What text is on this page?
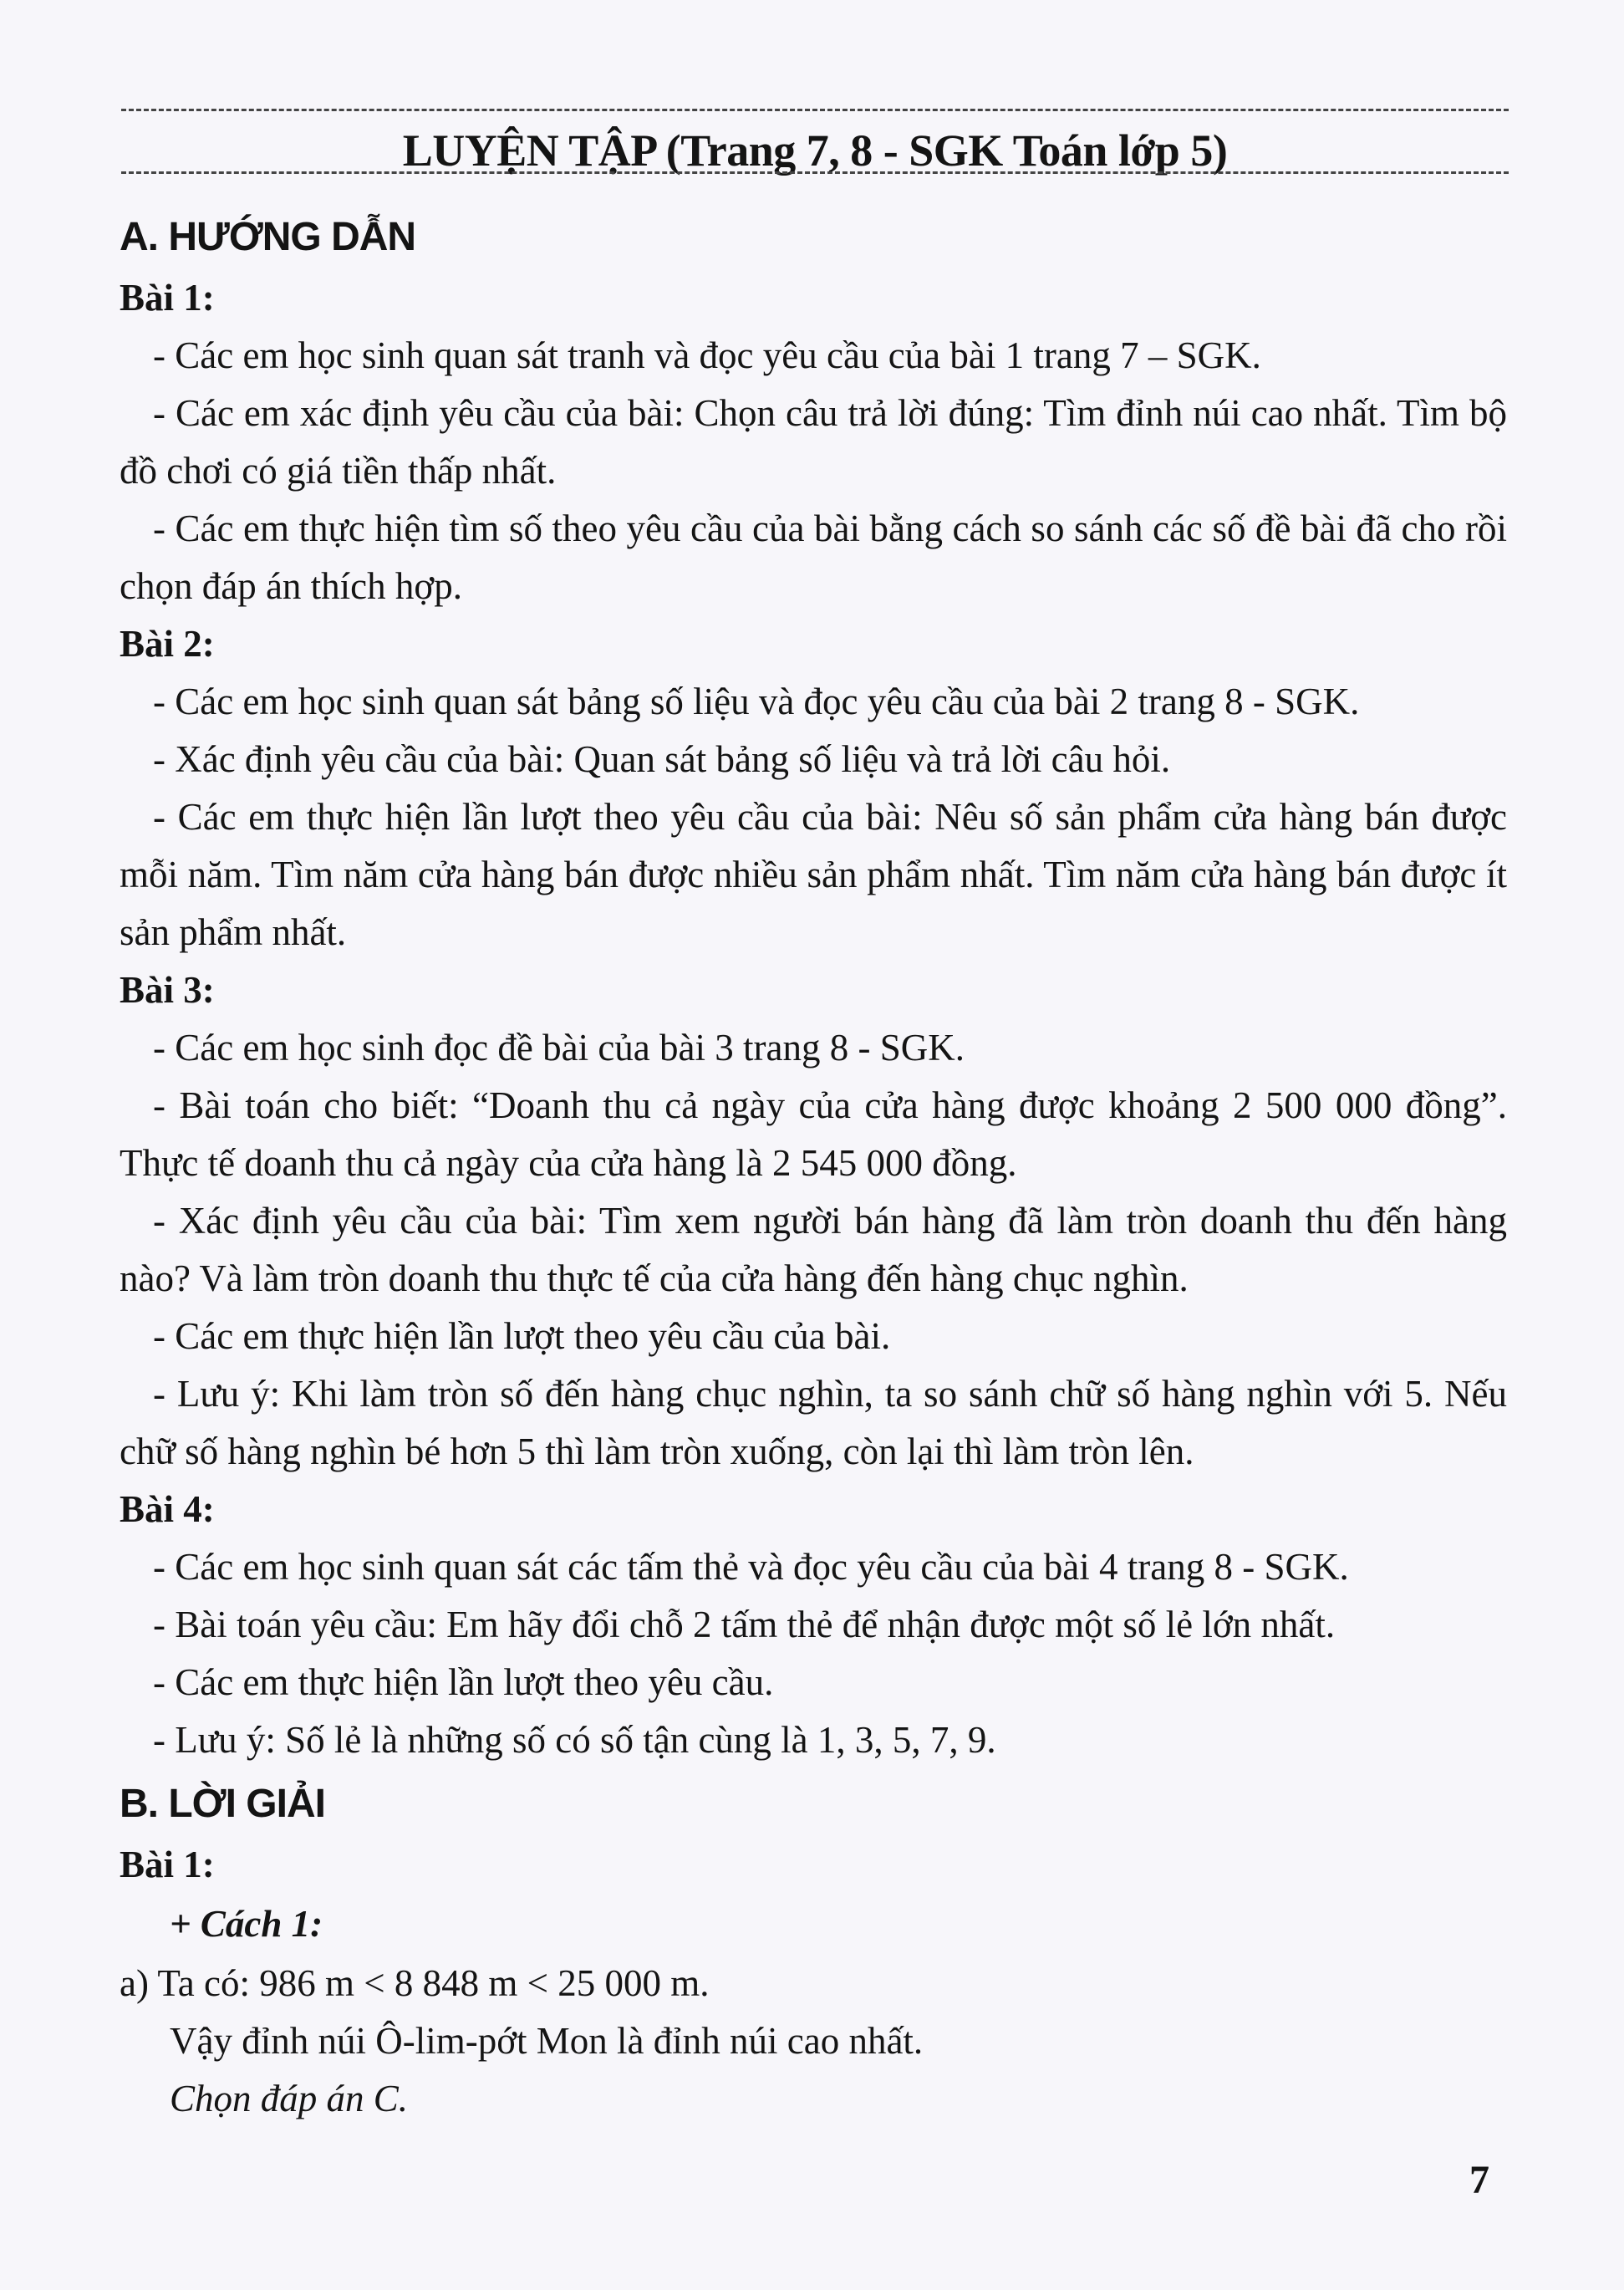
LUYỆN TẬP (Trang 7, 8 - SGK Toán lớp 5)
A. HƯỚNG DẪN

Bài 1:

- Các em học sinh quan sát tranh và đọc yêu cầu của bài 1 trang 7 – SGK.

- Các em xác định yêu cầu của bài: Chọn câu trả lời đúng: Tìm đỉnh núi cao nhất. Tìm bộ đồ chơi có giá tiền thấp nhất.

- Các em thực hiện tìm số theo yêu cầu của bài bằng cách so sánh các số đề bài đã cho rồi chọn đáp án thích hợp.

Bài 2:

- Các em học sinh quan sát bảng số liệu và đọc yêu cầu của bài 2 trang 8 - SGK.

- Xác định yêu cầu của bài: Quan sát bảng số liệu và trả lời câu hỏi.

- Các em thực hiện lần lượt theo yêu cầu của bài: Nêu số sản phẩm cửa hàng bán được mỗi năm. Tìm năm cửa hàng bán được nhiều sản phẩm nhất. Tìm năm cửa hàng bán được ít sản phẩm nhất.

Bài 3:

- Các em học sinh đọc đề bài của bài 3 trang 8 - SGK.

- Bài toán cho biết: “Doanh thu cả ngày của cửa hàng được khoảng 2 500 000 đồng”. Thực tế doanh thu cả ngày của cửa hàng là 2 545 000 đồng.

- Xác định yêu cầu của bài: Tìm xem người bán hàng đã làm tròn doanh thu đến hàng nào? Và làm tròn doanh thu thực tế của cửa hàng đến hàng chục nghìn.

- Các em thực hiện lần lượt theo yêu cầu của bài.

- Lưu ý: Khi làm tròn số đến hàng chục nghìn, ta so sánh chữ số hàng nghìn với 5. Nếu chữ số hàng nghìn bé hơn 5 thì làm tròn xuống, còn lại thì làm tròn lên.

Bài 4:

- Các em học sinh quan sát các tấm thẻ và đọc yêu cầu của bài 4 trang 8 - SGK.

- Bài toán yêu cầu: Em hãy đổi chỗ 2 tấm thẻ để nhận được một số lẻ lớn nhất.

- Các em thực hiện lần lượt theo yêu cầu.

- Lưu ý: Số lẻ là những số có số tận cùng là 1, 3, 5, 7, 9.

B. LỜI GIẢI

Bài 1:

+ Cách 1:

a) Ta có: 986 m < 8 848 m < 25 000 m.

Vậy đỉnh núi Ô-lim-pớt Mon là đỉnh núi cao nhất.

Chọn đáp án C.

7
